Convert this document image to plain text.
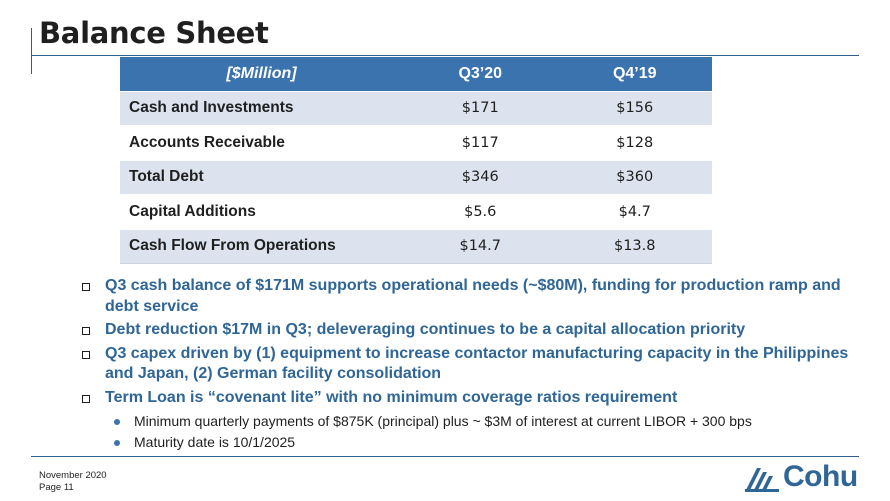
Balance Sheet
[$Million]	Q3’20	Q4’19
Cash and Investments	$171	$156
Accounts Receivable	$117	$128
Total Debt	$346	$360
Capital Additions	$5.6	$4.7
Cash Flow From Operations	$14.7	$13.8
Q3 cash balance of $171M supports operational needs (~$80M), funding for production ramp and debt service
Debt reduction $17M in Q3; deleveraging continues to be a capital allocation priority
Q3 capex driven by (1) equipment to increase contactor manufacturing capacity in the Philippines and Japan, (2) German facility consolidation
Term Loan is “covenant lite” with no minimum coverage ratios requirement
Minimum quarterly payments of $875K (principal) plus ~ $3M of interest at current LIBOR + 300 bps
Maturity date is 10/1/2025
November 2020
Page 11	Cohu
